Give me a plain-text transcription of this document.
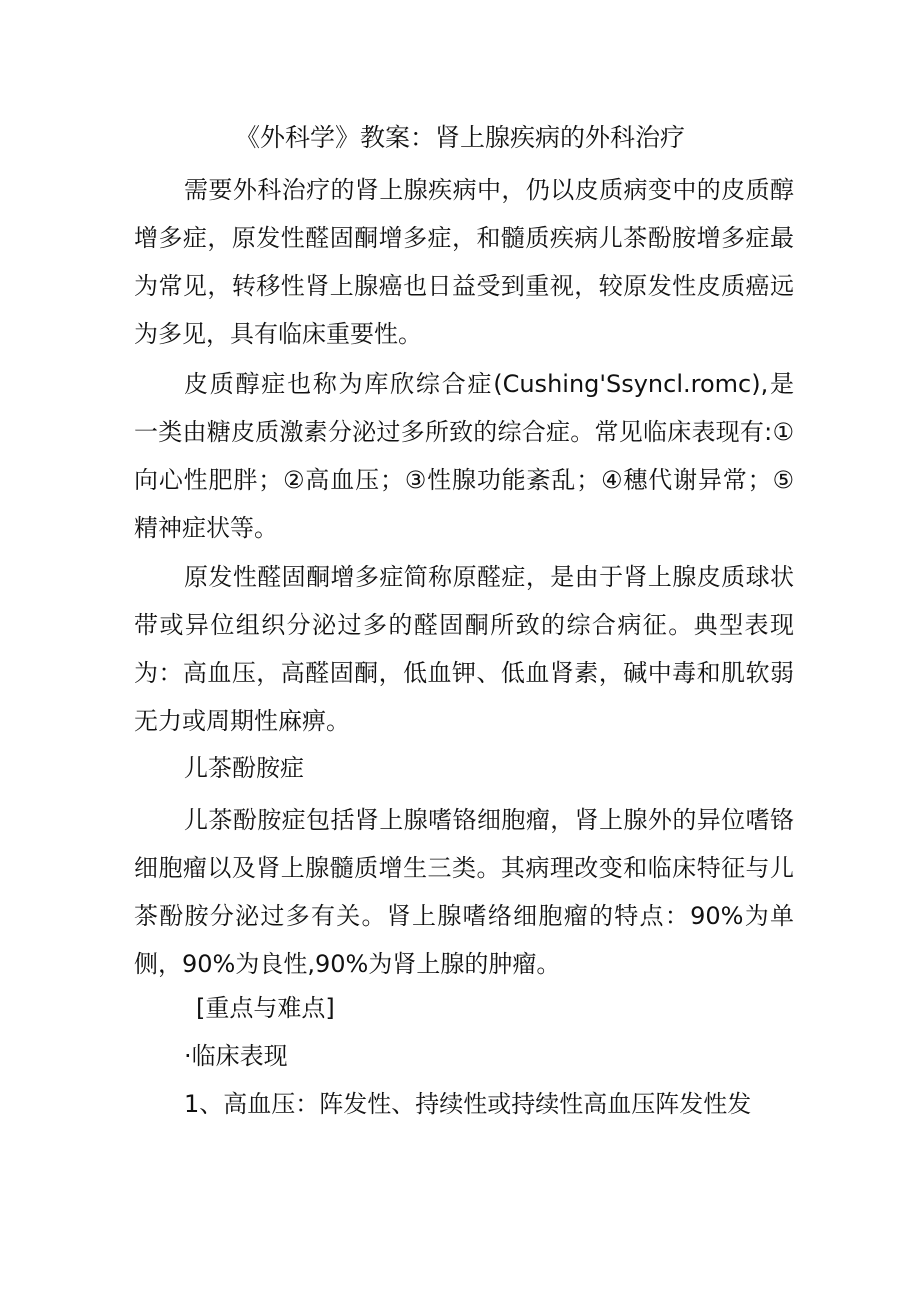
《外科学》教案：肾上腺疾病的外科治疗

需要外科治疗的肾上腺疾病中，仍以皮质病变中的皮质醇增多症，原发性醛固酮增多症，和髓质疾病儿茶酚胺增多症最为常见，转移性肾上腺癌也日益受到重视，较原发性皮质癌远为多见，具有临床重要性。

皮质醇症也称为库欣综合症(Cushing'Ssyncl.romc),是一类由糖皮质激素分泌过多所致的综合症。常见临床表现有:①向心性肥胖；②高血压；③性腺功能紊乱；④穗代谢异常；⑤精神症状等。

原发性醛固酮增多症简称原醛症，是由于肾上腺皮质球状带或异位组织分泌过多的醛固酮所致的综合病征。典型表现为：高血压，高醛固酮，低血钾、低血肾素，碱中毒和肌软弱无力或周期性麻痹。

儿茶酚胺症

儿茶酚胺症包括肾上腺嗜铬细胞瘤，肾上腺外的异位嗜铬细胞瘤以及肾上腺髓质增生三类。其病理改变和临床特征与儿茶酚胺分泌过多有关。肾上腺嗜络细胞瘤的特点：90%为单侧，90%为良性,90%为肾上腺的肿瘤。

[重点与难点]

·临床表现

1、高血压：阵发性、持续性或持续性高血压阵发性发
